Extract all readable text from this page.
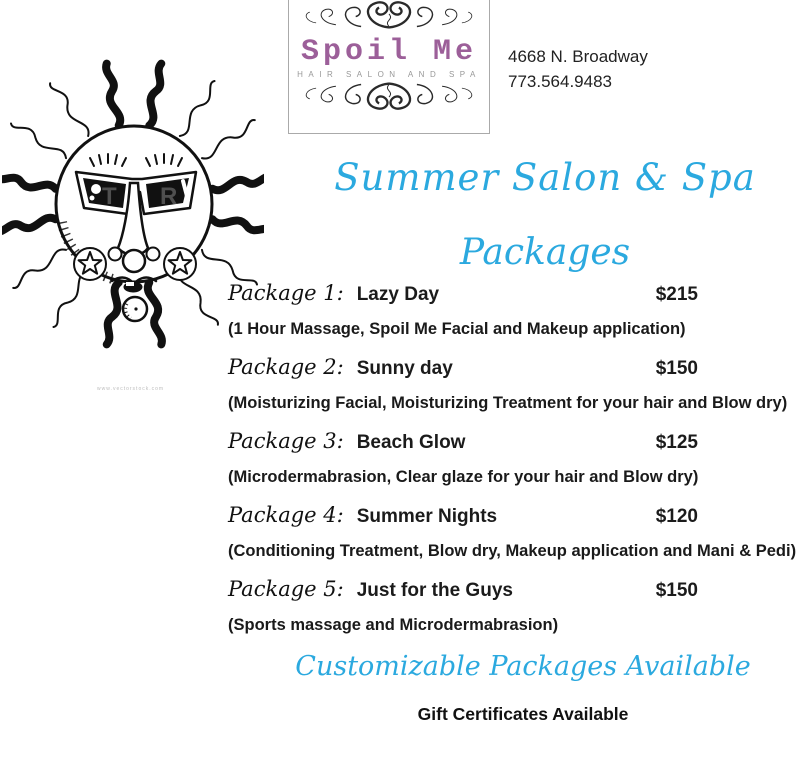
Spoil Me
HAIR SALON AND SPA
4668 N. Broadway
773.564.9483
T R
www.vectorstock.com
Summer Salon & Spa
Packages
Package 1: Lazy Day	$215
(1 Hour Massage, Spoil Me Facial and Makeup application)
Package 2: Sunny day	$150
(Moisturizing Facial, Moisturizing Treatment for your hair and Blow dry)
Package 3: Beach Glow	$125
(Microdermabrasion, Clear glaze for your hair and Blow dry)
Package 4: Summer Nights	$120
(Conditioning Treatment, Blow dry, Makeup application and Mani & Pedi)
Package 5: Just for the Guys	$150
(Sports massage and Microdermabrasion)
Customizable Packages Available
Gift Certificates Available
